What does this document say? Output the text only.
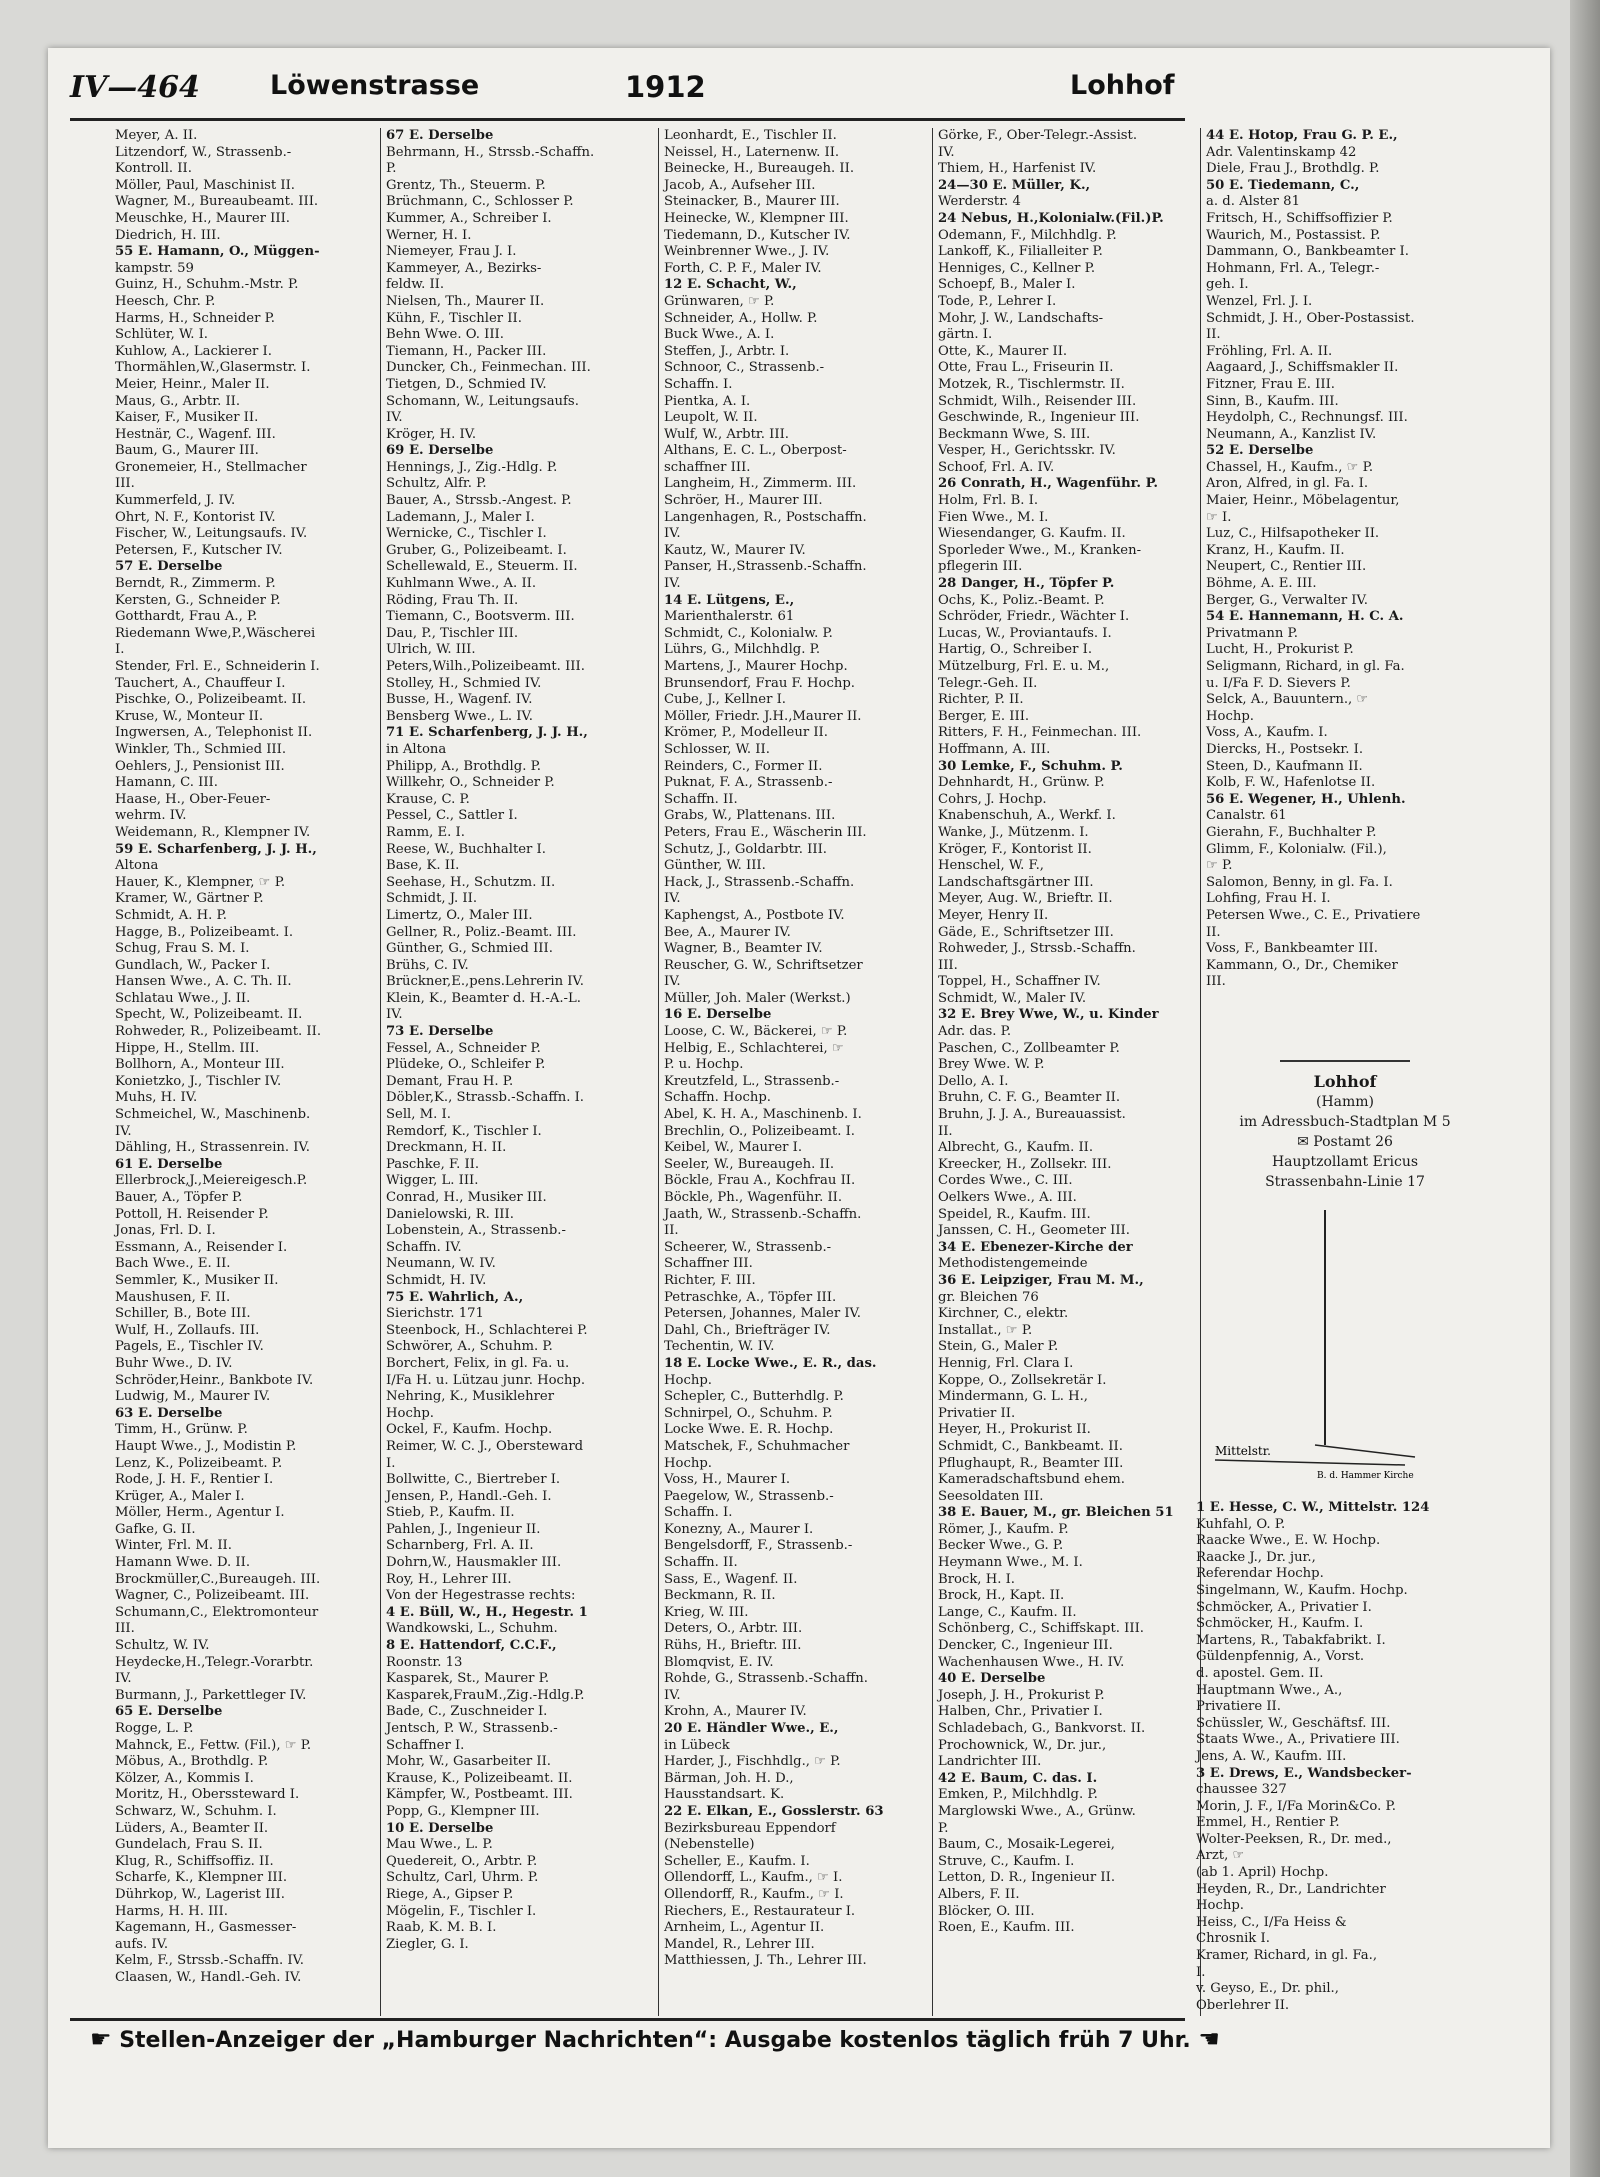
IV—464	Löwenstrasse	1912	Lohhof
Meyer, A. II.
Litzendorf, W., Strassenb.-
Kontroll. II.
Möller, Paul, Maschinist II.
Wagner, M., Bureaubeamt. III.
Meuschke, H., Maurer III.
Diedrich, H. III.
55 E. Hamann, O., Müggen-
kampstr. 59
Guinz, H., Schuhm.-Mstr. P.
Heesch, Chr. P.
Harms, H., Schneider P.
Schlüter, W. I.
Kuhlow, A., Lackierer I.
Thormählen,W.,Glasermstr. I.
Meier, Heinr., Maler II.
Maus, G., Arbtr. II.
Kaiser, F., Musiker II.
Hestnär, C., Wagenf. III.
Baum, G., Maurer III.
Gronemeier, H., Stellmacher
III.
Kummerfeld, J. IV.
Ohrt, N. F., Kontorist IV.
Fischer, W., Leitungsaufs. IV.
Petersen, F., Kutscher IV.
57 E. Derselbe
Berndt, R., Zimmerm. P.
Kersten, G., Schneider P.
Gotthardt, Frau A., P.
Riedemann Wwe,P.,Wäscherei
I.
Stender, Frl. E., Schneiderin I.
Tauchert, A., Chauffeur I.
Pischke, O., Polizeibeamt. II.
Kruse, W., Monteur II.
Ingwersen, A., Telephonist II.
Winkler, Th., Schmied III.
Oehlers, J., Pensionist III.
Hamann, C. III.
Haase, H., Ober-Feuer-
wehrm. IV.
Weidemann, R., Klempner IV.
59 E. Scharfenberg, J. J. H.,
Altona
Hauer, K., Klempner, ☞ P.
Kramer, W., Gärtner P.
Schmidt, A. H. P.
Hagge, B., Polizeibeamt. I.
Schug, Frau S. M. I.
Gundlach, W., Packer I.
Hansen Wwe., A. C. Th. II.
Schlatau Wwe., J. II.
Specht, W., Polizeibeamt. II.
Rohweder, R., Polizeibeamt. II.
Hippe, H., Stellm. III.
Bollhorn, A., Monteur III.
Konietzko, J., Tischler IV.
Muhs, H. IV.
Schmeichel, W., Maschinenb.
IV.
Dähling, H., Strassenrein. IV.
61 E. Derselbe
Ellerbrock,J.,Meiereigesch.P.
Bauer, A., Töpfer P.
Pottoll, H. Reisender P.
Jonas, Frl. D. I.
Essmann, A., Reisender I.
Bach Wwe., E. II.
Semmler, K., Musiker II.
Maushusen, F. II.
Schiller, B., Bote III.
Wulf, H., Zollaufs. III.
Pagels, E., Tischler IV.
Buhr Wwe., D. IV.
Schröder,Heinr., Bankbote IV.
Ludwig, M., Maurer IV.
63 E. Derselbe
Timm, H., Grünw. P.
Haupt Wwe., J., Modistin P.
Lenz, K., Polizeibeamt. P.
Rode, J. H. F., Rentier I.
Krüger, A., Maler I.
Möller, Herm., Agentur I.
Gafke, G. II.
Winter, Frl. M. II.
Hamann Wwe. D. II.
Brockmüller,C.,Bureaugeh. III.
Wagner, C., Polizeibeamt. III.
Schumann,C., Elektromonteur
III.
Schultz, W. IV.
Heydecke,H.,Telegr.-Vorarbtr.
IV.
Burmann, J., Parkettleger IV.
65 E. Derselbe
Rogge, L. P.
Mahnck, E., Fettw. (Fil.), ☞ P.
Möbus, A., Brothdlg. P.
Kölzer, A., Kommis I.
Moritz, H., Oberssteward I.
Schwarz, W., Schuhm. I.
Lüders, A., Beamter II.
Gundelach, Frau S. II.
Klug, R., Schiffsoffiz. II.
Scharfe, K., Klempner III.
Dührkop, W., Lagerist III.
Harms, H. H. III.
Kagemann, H., Gasmesser-
aufs. IV.
Kelm, F., Strssb.-Schaffn. IV.
Claasen, W., Handl.-Geh. IV.
67 E. Derselbe
Behrmann, H., Strssb.-Schaffn.
P.
Grentz, Th., Steuerm. P.
Brüchmann, C., Schlosser P.
Kummer, A., Schreiber I.
Werner, H. I.
Niemeyer, Frau J. I.
Kammeyer, A., Bezirks-
feldw. II.
Nielsen, Th., Maurer II.
Kühn, F., Tischler II.
Behn Wwe. O. III.
Tiemann, H., Packer III.
Duncker, Ch., Feinmechan. III.
Tietgen, D., Schmied IV.
Schomann, W., Leitungsaufs.
IV.
Kröger, H. IV.
69 E. Derselbe
Hennings, J., Zig.-Hdlg. P.
Schultz, Alfr. P.
Bauer, A., Strssb.-Angest. P.
Lademann, J., Maler I.
Wernicke, C., Tischler I.
Gruber, G., Polizeibeamt. I.
Schellewald, E., Steuerm. II.
Kuhlmann Wwe., A. II.
Röding, Frau Th. II.
Tiemann, C., Bootsverm. III.
Dau, P., Tischler III.
Ulrich, W. III.
Peters,Wilh.,Polizeibeamt. III.
Stolley, H., Schmied IV.
Busse, H., Wagenf. IV.
Bensberg Wwe., L. IV.
71 E. Scharfenberg, J. J. H.,
in Altona
Philipp, A., Brothdlg. P.
Willkehr, O., Schneider P.
Krause, C. P.
Pessel, C., Sattler I.
Ramm, E. I.
Reese, W., Buchhalter I.
Base, K. II.
Seehase, H., Schutzm. II.
Schmidt, J. II.
Limertz, O., Maler III.
Gellner, R., Poliz.-Beamt. III.
Günther, G., Schmied III.
Brühs, C. IV.
Brückner,E.,pens.Lehrerin IV.
Klein, K., Beamter d. H.-A.-L.
IV.
73 E. Derselbe
Fessel, A., Schneider P.
Plüdeke, O., Schleifer P.
Demant, Frau H. P.
Döbler,K., Strassb.-Schaffn. I.
Sell, M. I.
Remdorf, K., Tischler I.
Dreckmann, H. II.
Paschke, F. II.
Wigger, L. III.
Conrad, H., Musiker III.
Danielowski, R. III.
Lobenstein, A., Strassenb.-
Schaffn. IV.
Neumann, W. IV.
Schmidt, H. IV.
75 E. Wahrlich, A.,
Sierichstr. 171
Steenbock, H., Schlachterei P.
Schwörer, A., Schuhm. P.
Borchert, Felix, in gl. Fa. u.
I/Fa H. u. Lützau junr. Hochp.
Nehring, K., Musiklehrer
Hochp.
Ockel, F., Kaufm. Hochp.
Reimer, W. C. J., Obersteward
I.
Bollwitte, C., Biertreber I.
Jensen, P., Handl.-Geh. I.
Stieb, P., Kaufm. II.
Pahlen, J., Ingenieur II.
Scharnberg, Frl. A. II.
Dohrn,W., Hausmakler III.
Roy, H., Lehrer III.
Von der Hegestrasse rechts:
4 E. Büll, W., H., Hegestr. 1
Wandkowski, L., Schuhm.
8 E. Hattendorf, C.C.F.,
Roonstr. 13
Kasparek, St., Maurer P.
Kasparek,FrauM.,Zig.-Hdlg.P.
Bade, C., Zuschneider I.
Jentsch, P. W., Strassenb.-
Schaffner I.
Mohr, W., Gasarbeiter II.
Krause, K., Polizeibeamt. II.
Kämpfer, W., Postbeamt. III.
Popp, G., Klempner III.
10 E. Derselbe
Mau Wwe., L. P.
Quedereit, O., Arbtr. P.
Schultz, Carl, Uhrm. P.
Riege, A., Gipser P.
Mögelin, F., Tischler I.
Raab, K. M. B. I.
Ziegler, G. I.
Leonhardt, E., Tischler II.
Neissel, H., Laternenw. II.
Beinecke, H., Bureaugeh. II.
Jacob, A., Aufseher III.
Steinacker, B., Maurer III.
Heinecke, W., Klempner III.
Tiedemann, D., Kutscher IV.
Weinbrenner Wwe., J. IV.
Forth, C. P. F., Maler IV.
12 E. Schacht, W.,
Grünwaren, ☞ P.
Schneider, A., Hollw. P.
Buck Wwe., A. I.
Steffen, J., Arbtr. I.
Schnoor, C., Strassenb.-
Schaffn. I.
Pientka, A. I.
Leupolt, W. II.
Wulf, W., Arbtr. III.
Althans, E. C. L., Oberpost-
schaffner III.
Langheim, H., Zimmerm. III.
Schröer, H., Maurer III.
Langenhagen, R., Postschaffn.
IV.
Kautz, W., Maurer IV.
Panser, H.,Strassenb.-Schaffn.
IV.
14 E. Lütgens, E.,
Marienthalerstr. 61
Schmidt, C., Kolonialw. P.
Lührs, G., Milchhdlg. P.
Martens, J., Maurer Hochp.
Brunsendorf, Frau F. Hochp.
Cube, J., Kellner I.
Möller, Friedr. J.H.,Maurer II.
Krömer, P., Modelleur II.
Schlosser, W. II.
Reinders, C., Former II.
Puknat, F. A., Strassenb.-
Schaffn. II.
Grabs, W., Plattenans. III.
Peters, Frau E., Wäscherin III.
Schutz, J., Goldarbtr. III.
Günther, W. III.
Hack, J., Strassenb.-Schaffn.
IV.
Kaphengst, A., Postbote IV.
Bee, A., Maurer IV.
Wagner, B., Beamter IV.
Reuscher, G. W., Schriftsetzer
IV.
Müller, Joh. Maler (Werkst.)
16 E. Derselbe
Loose, C. W., Bäckerei, ☞ P.
Helbig, E., Schlachterei, ☞
P. u. Hochp.
Kreutzfeld, L., Strassenb.-
Schaffn. Hochp.
Abel, K. H. A., Maschinenb. I.
Brechlin, O., Polizeibeamt. I.
Keibel, W., Maurer I.
Seeler, W., Bureaugeh. II.
Böckle, Frau A., Kochfrau II.
Böckle, Ph., Wagenführ. II.
Jaath, W., Strassenb.-Schaffn.
II.
Scheerer, W., Strassenb.-
Schaffner III.
Richter, F. III.
Petraschke, A., Töpfer III.
Petersen, Johannes, Maler IV.
Dahl, Ch., Briefträger IV.
Techentin, W. IV.
18 E. Locke Wwe., E. R., das.
Hochp.
Schepler, C., Butterhdlg. P.
Schnirpel, O., Schuhm. P.
Locke Wwe. E. R. Hochp.
Matschek, F., Schuhmacher
Hochp.
Voss, H., Maurer I.
Paegelow, W., Strassenb.-
Schaffn. I.
Konezny, A., Maurer I.
Bengelsdorff, F., Strassenb.-
Schaffn. II.
Sass, E., Wagenf. II.
Beckmann, R. II.
Krieg, W. III.
Deters, O., Arbtr. III.
Rühs, H., Brieftr. III.
Blomqvist, E. IV.
Rohde, G., Strassenb.-Schaffn.
IV.
Krohn, A., Maurer IV.
20 E. Händler Wwe., E.,
in Lübeck
Harder, J., Fischhdlg., ☞ P.
Bärman, Joh. H. D.,
Hausstandsart. K.
22 E. Elkan, E., Gosslerstr. 63
Bezirksbureau Eppendorf
(Nebenstelle)
Scheller, E., Kaufm. I.
Ollendorff, L., Kaufm., ☞ I.
Ollendorff, R., Kaufm., ☞ I.
Riechers, E., Restaurateur I.
Arnheim, L., Agentur II.
Mandel, R., Lehrer III.
Matthiessen, J. Th., Lehrer III.
Görke, F., Ober-Telegr.-Assist.
IV.
Thiem, H., Harfenist IV.
24—30 E. Müller, K.,
Werderstr. 4
24 Nebus, H.,Kolonialw.(Fil.)P.
Odemann, F., Milchhdlg. P.
Lankoff, K., Filialleiter P.
Henniges, C., Kellner P.
Schoepf, B., Maler I.
Tode, P., Lehrer I.
Mohr, J. W., Landschafts-
gärtn. I.
Otte, K., Maurer II.
Otte, Frau L., Friseurin II.
Motzek, R., Tischlermstr. II.
Schmidt, Wilh., Reisender III.
Geschwinde, R., Ingenieur III.
Beckmann Wwe, S. III.
Vesper, H., Gerichtsskr. IV.
Schoof, Frl. A. IV.
26 Conrath, H., Wagenführ. P.
Holm, Frl. B. I.
Fien Wwe., M. I.
Wiesendanger, G. Kaufm. II.
Sporleder Wwe., M., Kranken-
pflegerin III.
28 Danger, H., Töpfer P.
Ochs, K., Poliz.-Beamt. P.
Schröder, Friedr., Wächter I.
Lucas, W., Proviantaufs. I.
Hartig, O., Schreiber I.
Mützelburg, Frl. E. u. M.,
Telegr.-Geh. II.
Richter, P. II.
Berger, E. III.
Ritters, F. H., Feinmechan. III.
Hoffmann, A. III.
30 Lemke, F., Schuhm. P.
Dehnhardt, H., Grünw. P.
Cohrs, J. Hochp.
Knabenschuh, A., Werkf. I.
Wanke, J., Mützenm. I.
Kröger, F., Kontorist II.
Henschel, W. F.,
Landschaftsgärtner III.
Meyer, Aug. W., Brieftr. II.
Meyer, Henry II.
Gäde, E., Schriftsetzer III.
Rohweder, J., Strssb.-Schaffn.
III.
Toppel, H., Schaffner IV.
Schmidt, W., Maler IV.
32 E. Brey Wwe, W., u. Kinder
Adr. das. P.
Paschen, C., Zollbeamter P.
Brey Wwe. W. P.
Dello, A. I.
Bruhn, C. F. G., Beamter II.
Bruhn, J. J. A., Bureauassist.
II.
Albrecht, G., Kaufm. II.
Kreecker, H., Zollsekr. III.
Cordes Wwe., C. III.
Oelkers Wwe., A. III.
Speidel, R., Kaufm. III.
Janssen, C. H., Geometer III.
34 E. Ebenezer-Kirche der
Methodistengemeinde
36 E. Leipziger, Frau M. M.,
gr. Bleichen 76
Kirchner, C., elektr.
Installat., ☞ P.
Stein, G., Maler P.
Hennig, Frl. Clara I.
Koppe, O., Zollsekretär I.
Mindermann, G. L. H.,
Privatier II.
Heyer, H., Prokurist II.
Schmidt, C., Bankbeamt. II.
Pflughaupt, R., Beamter III.
Kameradschaftsbund ehem.
Seesoldaten III.
38 E. Bauer, M., gr. Bleichen 51
Römer, J., Kaufm. P.
Becker Wwe., G. P.
Heymann Wwe., M. I.
Brock, H. I.
Brock, H., Kapt. II.
Lange, C., Kaufm. II.
Schönberg, C., Schiffskapt. III.
Dencker, C., Ingenieur III.
Wachenhausen Wwe., H. IV.
40 E. Derselbe
Joseph, J. H., Prokurist P.
Halben, Chr., Privatier I.
Schladebach, G., Bankvorst. II.
Prochownick, W., Dr. jur.,
Landrichter III.
42 E. Baum, C. das. I.
Emken, P., Milchhdlg. P.
Marglowski Wwe., A., Grünw.
P.
Baum, C., Mosaik-Legerei,
Struve, C., Kaufm. I.
Letton, D. R., Ingenieur II.
Albers, F. II.
Blöcker, O. III.
Roen, E., Kaufm. III.
44 E. Hotop, Frau G. P. E.,
Adr. Valentinskamp 42
Diele, Frau J., Brothdlg. P.
50 E. Tiedemann, C.,
a. d. Alster 81
Fritsch, H., Schiffsoffizier P.
Waurich, M., Postassist. P.
Dammann, O., Bankbeamter I.
Hohmann, Frl. A., Telegr.-
geh. I.
Wenzel, Frl. J. I.
Schmidt, J. H., Ober-Postassist.
II.
Fröhling, Frl. A. II.
Aagaard, J., Schiffsmakler II.
Fitzner, Frau E. III.
Sinn, B., Kaufm. III.
Heydolph, C., Rechnungsf. III.
Neumann, A., Kanzlist IV.
52 E. Derselbe
Chassel, H., Kaufm., ☞ P.
Aron, Alfred, in gl. Fa. I.
Maier, Heinr., Möbelagentur,
☞ I.
Luz, C., Hilfsapotheker II.
Kranz, H., Kaufm. II.
Neupert, C., Rentier III.
Böhme, A. E. III.
Berger, G., Verwalter IV.
54 E. Hannemann, H. C. A.
Privatmann P.
Lucht, H., Prokurist P.
Seligmann, Richard, in gl. Fa.
u. I/Fa F. D. Sievers P.
Selck, A., Bauuntern., ☞
Hochp.
Voss, A., Kaufm. I.
Diercks, H., Postsekr. I.
Steen, D., Kaufmann II.
Kolb, F. W., Hafenlotse II.
56 E. Wegener, H., Uhlenh.
Canalstr. 61
Gierahn, F., Buchhalter P.
Glimm, F., Kolonialw. (Fil.),
☞ P.
Salomon, Benny, in gl. Fa. I.
Lohfing, Frau H. I.
Petersen Wwe., C. E., Privatiere
II.
Voss, F., Bankbeamter III.
Kammann, O., Dr., Chemiker
III.
Lohhof
(Hamm)
im Adressbuch-Stadtplan M 5
✉ Postamt 26
Hauptzollamt Ericus
Strassenbahn-Linie 17
Mittelstr.
B. d. Hammer Kirche
1 E. Hesse, C. W., Mittelstr. 124
Kuhfahl, O. P.
Raacke Wwe., E. W. Hochp.
Raacke J., Dr. jur.,
Referendar Hochp.
Singelmann, W., Kaufm. Hochp.
Schmöcker, A., Privatier I.
Schmöcker, H., Kaufm. I.
Martens, R., Tabakfabrikt. I.
Güldenpfennig, A., Vorst.
d. apostel. Gem. II.
Hauptmann Wwe., A.,
Privatiere II.
Schüssler, W., Geschäftsf. III.
Staats Wwe., A., Privatiere III.
Jens, A. W., Kaufm. III.
3 E. Drews, E., Wandsbecker-
chaussee 327
Morin, J. F., I/Fa Morin&Co. P.
Emmel, H., Rentier P.
Wolter-Peeksen, R., Dr. med.,
Arzt, ☞
(ab 1. April) Hochp.
Heyden, R., Dr., Landrichter
Hochp.
Heiss, C., I/Fa Heiss &
Chrosnik I.
Kramer, Richard, in gl. Fa.,
I.
v. Geyso, E., Dr. phil.,
Oberlehrer II.
☛ Stellen-Anzeiger der „Hamburger Nachrichten“: Ausgabe kostenlos täglich früh 7 Uhr. ☚
